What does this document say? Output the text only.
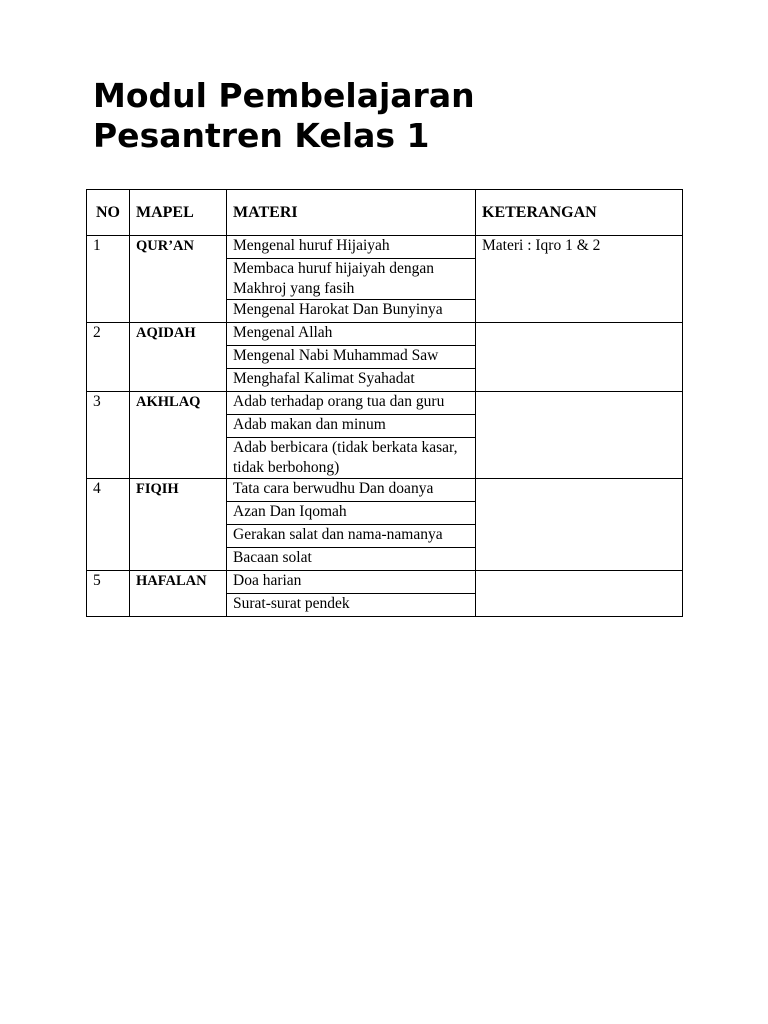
Modul Pembelajaran
Pesantren Kelas 1
NO	MAPEL	MATERI	KETERANGAN
1	QUR’AN	Mengenal huruf Hijaiyah	Materi : Iqro 1 & 2
		Membaca huruf hijaiyah dengan Makhroj yang fasih	
		Mengenal Harokat Dan Bunyinya	
2	AQIDAH	Mengenal Allah	
		Mengenal Nabi Muhammad Saw	
		Menghafal Kalimat Syahadat	
3	AKHLAQ	Adab terhadap orang tua dan guru	
		Adab makan dan minum	
		Adab berbicara (tidak berkata kasar, tidak berbohong)	
4	FIQIH	Tata cara berwudhu Dan doanya	
		Azan Dan Iqomah	
		Gerakan salat dan nama-namanya	
		Bacaan solat	
5	HAFALAN	Doa harian	
		Surat-surat pendek	
